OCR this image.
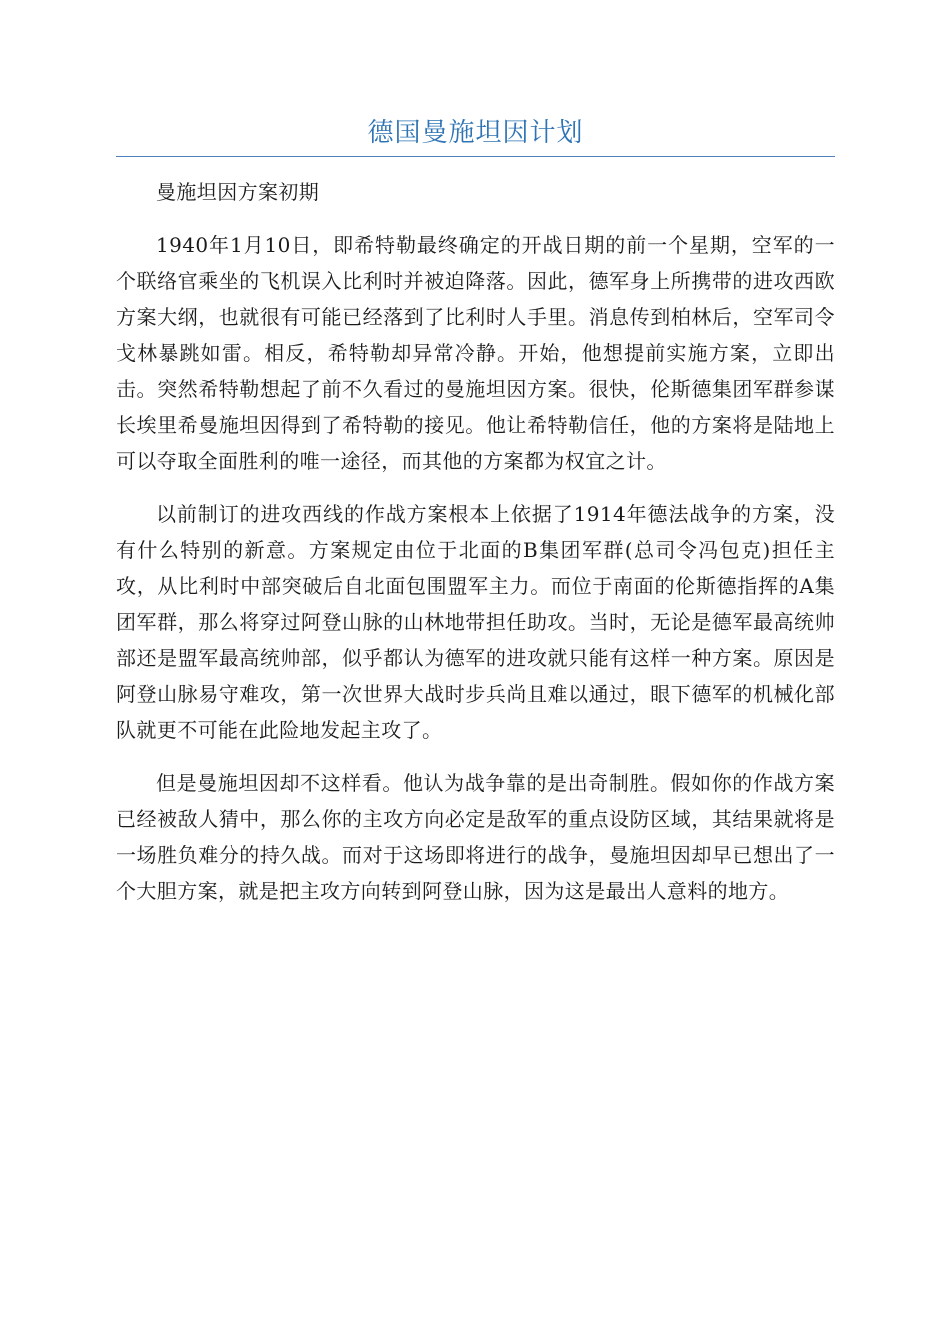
德国曼施坦因计划

曼施坦因方案初期

1940年1月10日，即希特勒最终确定的开战日期的前一个星期，空军的一个联络官乘坐的飞机误入比利时并被迫降落。因此，德军身上所携带的进攻西欧方案大纲，也就很有可能已经落到了比利时人手里。消息传到柏林后，空军司令戈林暴跳如雷。相反，希特勒却异常冷静。开始，他想提前实施方案，立即出击。突然希特勒想起了前不久看过的曼施坦因方案。很快，伦斯德集团军群参谋长埃里希曼施坦因得到了希特勒的接见。他让希特勒信任，他的方案将是陆地上可以夺取全面胜利的唯一途径，而其他的方案都为权宜之计。

以前制订的进攻西线的作战方案根本上依据了1914年德法战争的方案，没有什么特别的新意。方案规定由位于北面的B集团军群(总司令冯包克)担任主攻，从比利时中部突破后自北面包围盟军主力。而位于南面的伦斯德指挥的A集团军群，那么将穿过阿登山脉的山林地带担任助攻。当时，无论是德军最高统帅部还是盟军最高统帅部，似乎都认为德军的进攻就只能有这样一种方案。原因是阿登山脉易守难攻，第一次世界大战时步兵尚且难以通过，眼下德军的机械化部队就更不可能在此险地发起主攻了。

但是曼施坦因却不这样看。他认为战争靠的是出奇制胜。假如你的作战方案已经被敌人猜中，那么你的主攻方向必定是敌军的重点设防区域，其结果就将是一场胜负难分的持久战。而对于这场即将进行的战争，曼施坦因却早已想出了一个大胆方案，就是把主攻方向转到阿登山脉，因为这是最出人意料的地方。
